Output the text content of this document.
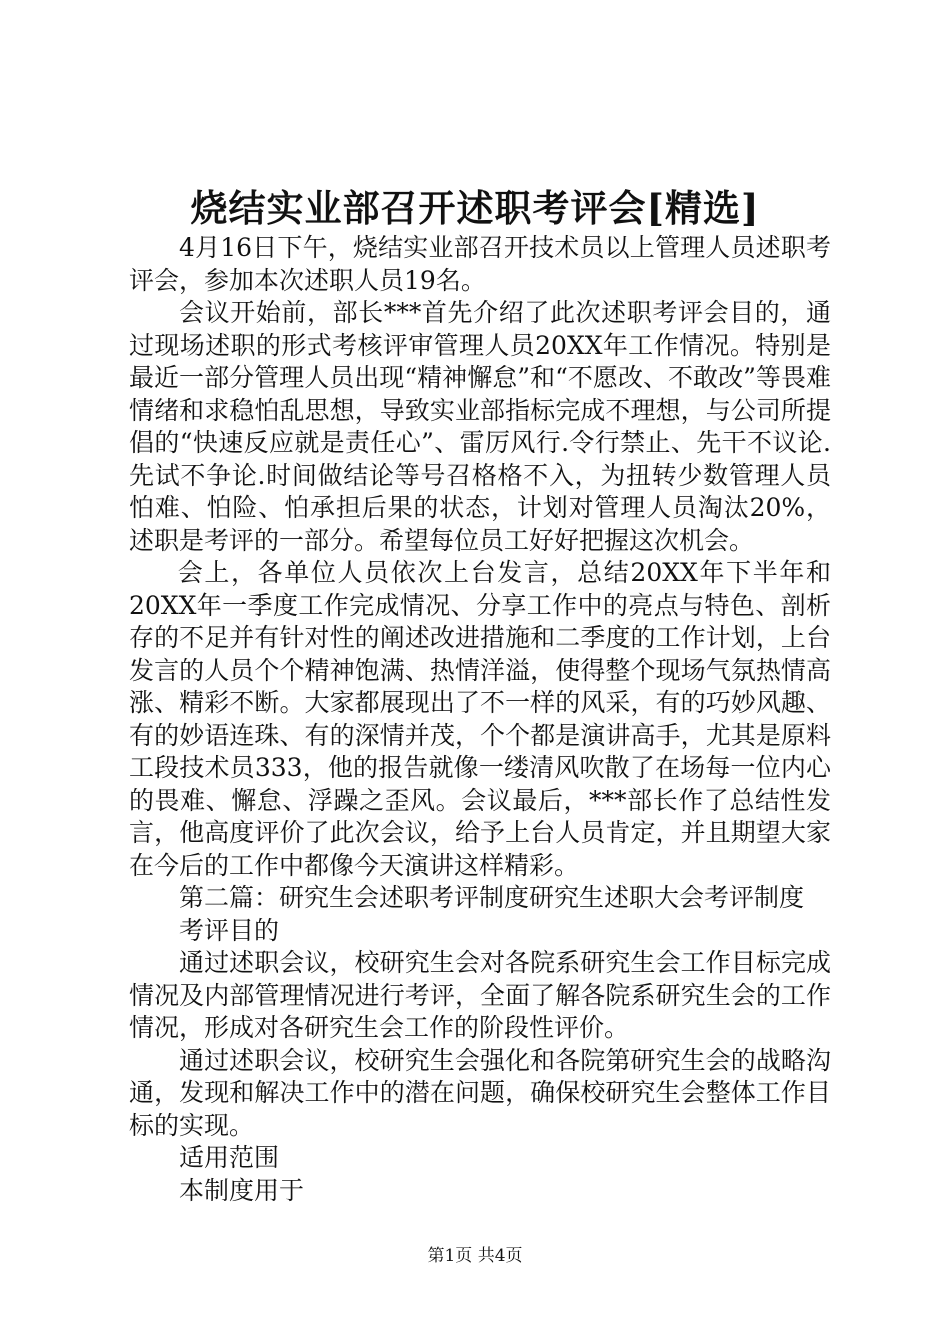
烧结实业部召开述职考评会[精选]

4月16日下午，烧结实业部召开技术员以上管理人员述职考评会，参加本次述职人员19名。

会议开始前，部长***首先介绍了此次述职考评会目的，通过现场述职的形式考核评审管理人员20XX年工作情况。特别是最近一部分管理人员出现“精神懈怠”和“不愿改、不敢改”等畏难情绪和求稳怕乱思想，导致实业部指标完成不理想，与公司所提倡的“快速反应就是责任心”、雷厉风行.令行禁止、先干不议论.先试不争论.时间做结论等号召格格不入，为扭转少数管理人员怕难、怕险、怕承担后果的状态，计划对管理人员淘汰20%，述职是考评的一部分。希望每位员工好好把握这次机会。

会上，各单位人员依次上台发言，总结20XX年下半年和20XX年一季度工作完成情况、分享工作中的亮点与特色、剖析存的不足并有针对性的阐述改进措施和二季度的工作计划，上台发言的人员个个精神饱满、热情洋溢，使得整个现场气氛热情高涨、精彩不断。大家都展现出了不一样的风采，有的巧妙风趣、有的妙语连珠、有的深情并茂，个个都是演讲高手，尤其是原料工段技术员333，他的报告就像一缕清风吹散了在场每一位内心的畏难、懈怠、浮躁之歪风。会议最后，***部长作了总结性发言，他高度评价了此次会议，给予上台人员肯定，并且期望大家在今后的工作中都像今天演讲这样精彩。

第二篇：研究生会述职考评制度研究生述职大会考评制度

考评目的

通过述职会议，校研究生会对各院系研究生会工作目标完成情况及内部管理情况进行考评，全面了解各院系研究生会的工作情况，形成对各研究生会工作的阶段性评价。

通过述职会议，校研究生会强化和各院第研究生会的战略沟通，发现和解决工作中的潜在问题，确保校研究生会整体工作目标的实现。

适用范围

本制度用于

第1页 共4页
